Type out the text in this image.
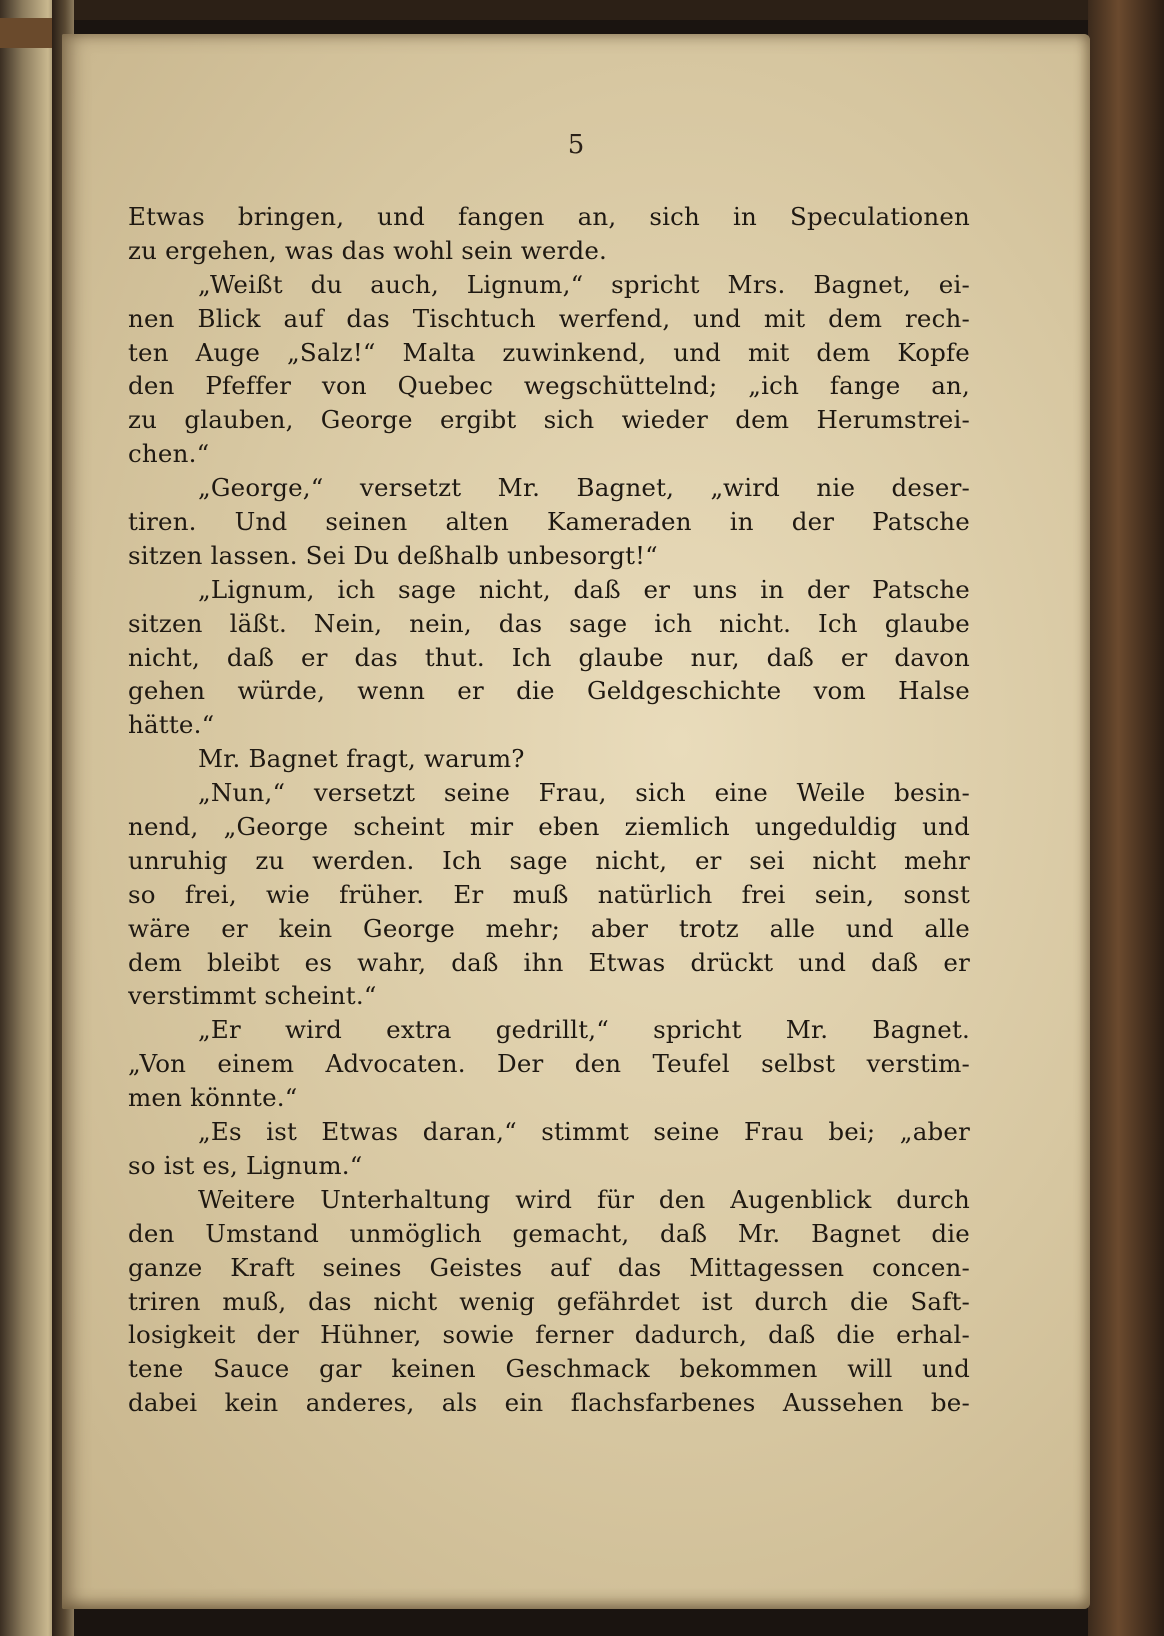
5

Etwas bringen, und fangen an, sich in Speculationen
zu ergehen, was das wohl sein werde.
„Weißt du auch, Lignum,“ spricht Mrs. Bagnet, ei-
nen Blick auf das Tischtuch werfend, und mit dem rech-
ten Auge „Salz!“ Malta zuwinkend, und mit dem Kopfe
den Pfeffer von Quebec wegschüttelnd; „ich fange an,
zu glauben, George ergibt sich wieder dem Herumstrei-
chen.“
„George,“ versetzt Mr. Bagnet, „wird nie deser-
tiren. Und seinen alten Kameraden in der Patsche
sitzen lassen. Sei Du deßhalb unbesorgt!“
„Lignum, ich sage nicht, daß er uns in der Patsche
sitzen läßt. Nein, nein, das sage ich nicht. Ich glaube
nicht, daß er das thut. Ich glaube nur, daß er davon
gehen würde, wenn er die Geldgeschichte vom Halse
hätte.“
Mr. Bagnet fragt, warum?
„Nun,“ versetzt seine Frau, sich eine Weile besin-
nend, „George scheint mir eben ziemlich ungeduldig und
unruhig zu werden. Ich sage nicht, er sei nicht mehr
so frei, wie früher. Er muß natürlich frei sein, sonst
wäre er kein George mehr; aber trotz alle und alle
dem bleibt es wahr, daß ihn Etwas drückt und daß er
verstimmt scheint.“
„Er wird extra gedrillt,“ spricht Mr. Bagnet.
„Von einem Advocaten. Der den Teufel selbst verstim-
men könnte.“
„Es ist Etwas daran,“ stimmt seine Frau bei; „aber
so ist es, Lignum.“
Weitere Unterhaltung wird für den Augenblick durch
den Umstand unmöglich gemacht, daß Mr. Bagnet die
ganze Kraft seines Geistes auf das Mittagessen concen-
triren muß, das nicht wenig gefährdet ist durch die Saft-
losigkeit der Hühner, sowie ferner dadurch, daß die erhal-
tene Sauce gar keinen Geschmack bekommen will und
dabei kein anderes, als ein flachsfarbenes Aussehen be-
